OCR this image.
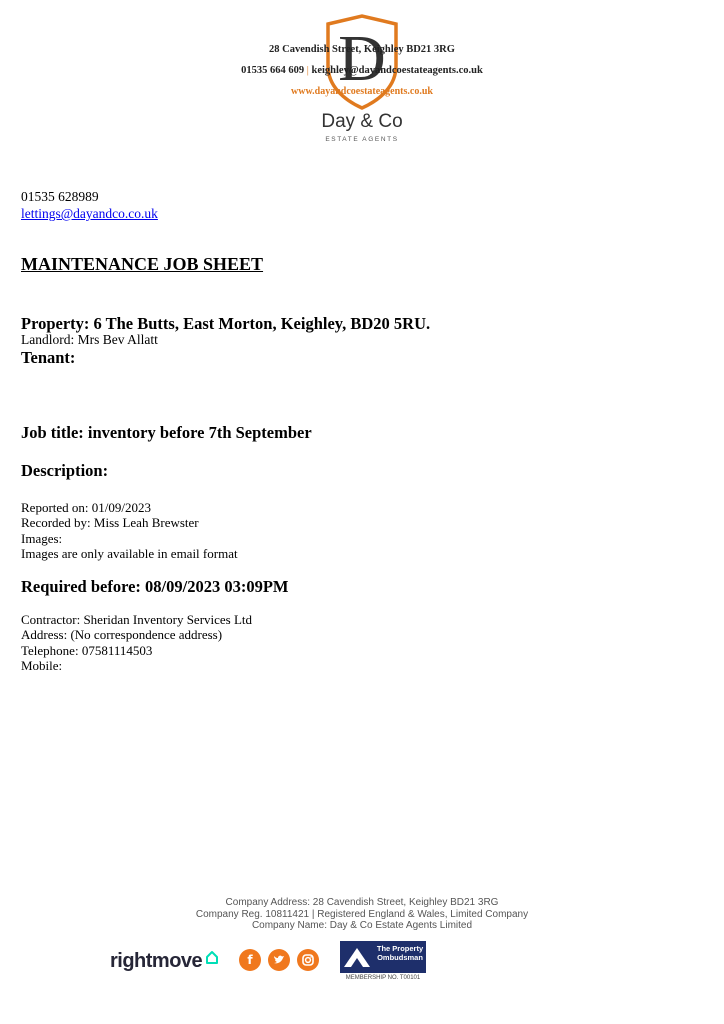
D
28 Cavendish Street, Keighley BD21 3RG
01535 664 609 | keighley@dayandcoestateagents.co.uk
www.dayandcoestateagents.co.uk
Day & Co
ESTATE AGENTS
01535 628989
lettings@dayandco.co.uk
MAINTENANCE JOB SHEET
Property: 6 The Butts, East Morton, Keighley, BD20 5RU.
Landlord: Mrs Bev Allatt
Tenant:
Job title: inventory before 7th September
Description:
Reported on: 01/09/2023
Recorded by: Miss Leah Brewster
Images:
Images are only available in email format
Required before: 08/09/2023 03:09PM
Contractor: Sheridan Inventory Services Ltd
Address: (No correspondence address)
Telephone: 07581114503
Mobile:
Company Address: 28 Cavendish Street, Keighley BD21 3RG
Company Reg. 10811421 | Registered England & Wales, Limited Company
Company Name: Day & Co Estate Agents Limited
rightmove	f
The Property Ombudsman
MEMBERSHIP NO. T00101
